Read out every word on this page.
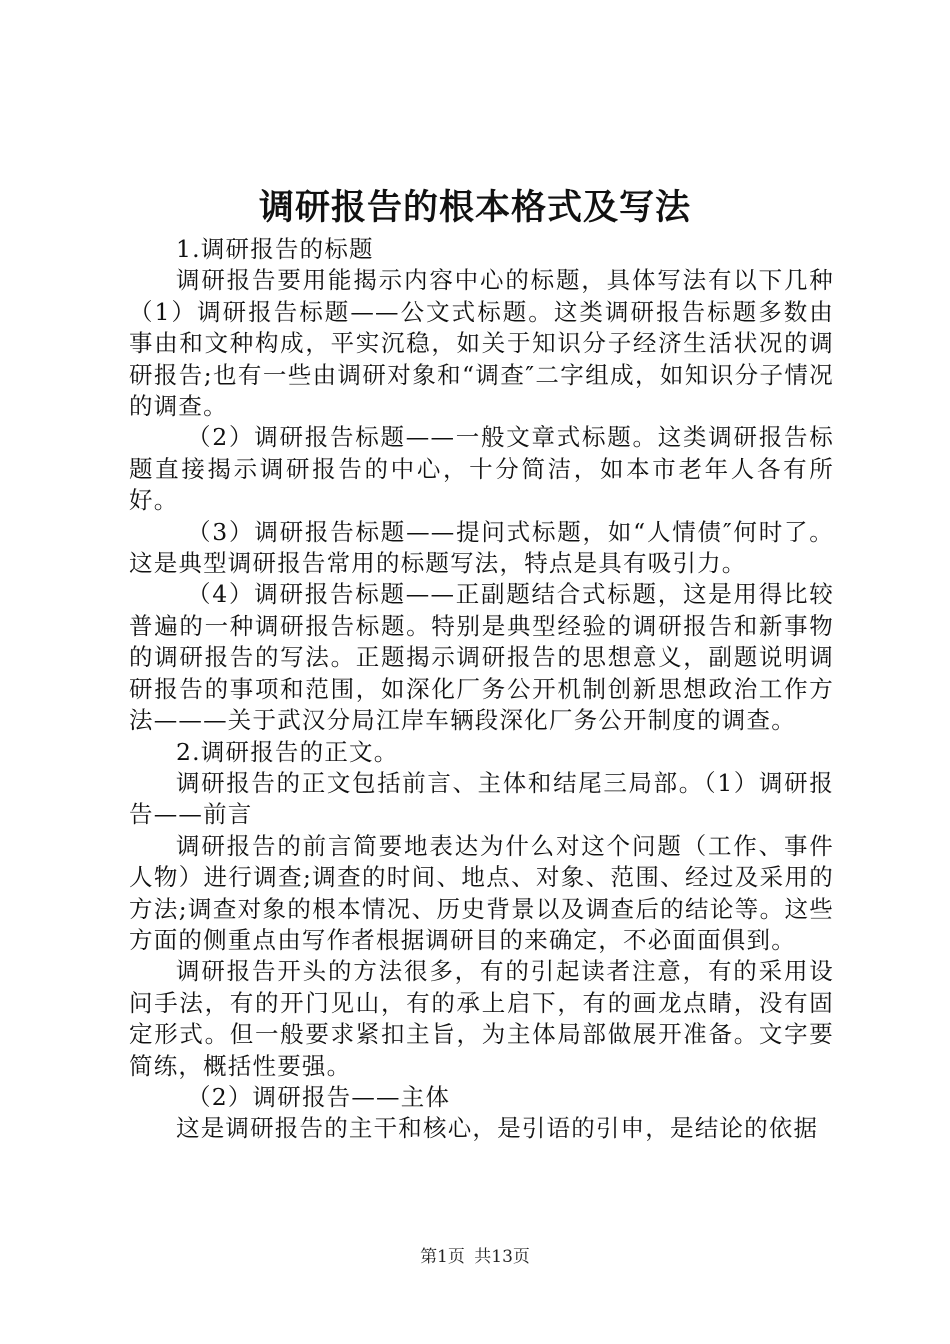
调研报告的根本格式及写法

1.调研报告的标题

调研报告要用能揭示内容中心的标题，具体写法有以下几种（1）调研报告标题——公文式标题。这类调研报告标题多数由事由和文种构成，平实沉稳，如关于知识分子经济生活状况的调研报告;也有一些由调研对象和“调查″二字组成，如知识分子情况的调查。

（2）调研报告标题——一般文章式标题。这类调研报告标题直接揭示调研报告的中心，十分简洁，如本市老年人各有所好。

（3）调研报告标题——提问式标题，如“人情债″何时了。这是典型调研报告常用的标题写法，特点是具有吸引力。

（4）调研报告标题——正副题结合式标题，这是用得比较普遍的一种调研报告标题。特别是典型经验的调研报告和新事物的调研报告的写法。正题揭示调研报告的思想意义，副题说明调研报告的事项和范围，如深化厂务公开机制创新思想政治工作方法———关于武汉分局江岸车辆段深化厂务公开制度的调查。

2.调研报告的正文。

调研报告的正文包括前言、主体和结尾三局部。（1）调研报告——前言

调研报告的前言简要地表达为什么对这个问题（工作、事件人物）进行调查;调查的时间、地点、对象、范围、经过及采用的方法;调查对象的根本情况、历史背景以及调查后的结论等。这些方面的侧重点由写作者根据调研目的来确定，不必面面俱到。

调研报告开头的方法很多，有的引起读者注意，有的采用设问手法，有的开门见山，有的承上启下，有的画龙点睛，没有固定形式。但一般要求紧扣主旨，为主体局部做展开准备。文字要简练，概括性要强。

（2）调研报告——主体

这是调研报告的主干和核心，是引语的引申，是结论的依据

第1页 共13页
